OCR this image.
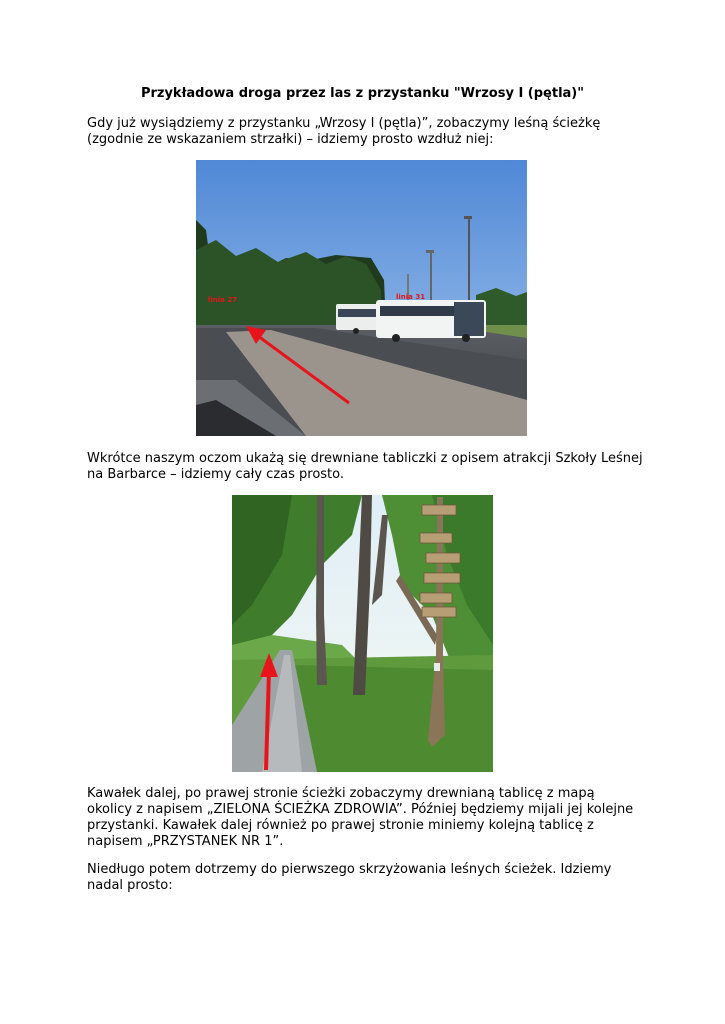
Przykładowa droga przez las z przystanku "Wrzosy I (pętla)"
Gdy już wysiądziemy z przystanku „Wrzosy I (pętla)”, zobaczymy leśną ścieżkę (zgodnie ze wskazaniem strzałki) – idziemy prosto wzdłuż niej:
linia 27	linia 31
Wkrótce naszym oczom ukażą się drewniane tabliczki z opisem atrakcji Szkoły Leśnej na Barbarce – idziemy cały czas prosto.
Kawałek dalej, po prawej stronie ścieżki zobaczymy drewnianą tablicę z mapą okolicy z napisem „ZIELONA ŚCIEŻKA ZDROWIA”. Później będziemy mijali jej kolejne przystanki. Kawałek dalej również po prawej stronie miniemy kolejną tablicę z napisem „PRZYSTANEK NR 1”.
Niedługo potem dotrzemy do pierwszego skrzyżowania leśnych ścieżek. Idziemy nadal prosto:
